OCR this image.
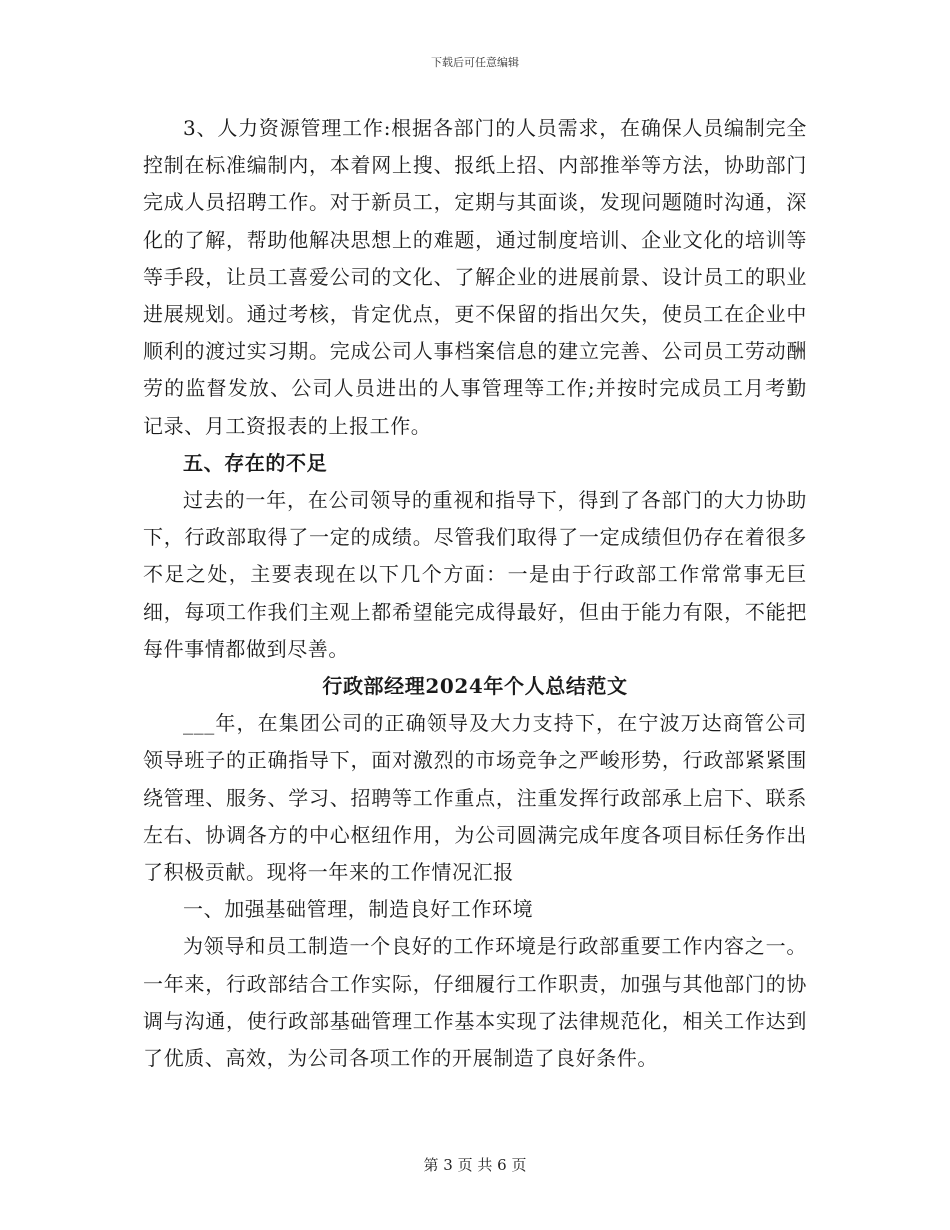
下载后可任意编辑

3、人力资源管理工作:根据各部门的人员需求，在确保人员编制完全控制在标准编制内，本着网上搜、报纸上招、内部推举等方法，协助部门完成人员招聘工作。对于新员工，定期与其面谈，发现问题随时沟通，深化的了解，帮助他解决思想上的难题，通过制度培训、企业文化的培训等等手段，让员工喜爱公司的文化、了解企业的进展前景、设计员工的职业进展规划。通过考核，肯定优点，更不保留的指出欠失，使员工在企业中顺利的渡过实习期。完成公司人事档案信息的建立完善、公司员工劳动酬劳的监督发放、公司人员进出的人事管理等工作;并按时完成员工月考勤记录、月工资报表的上报工作。

五、存在的不足

过去的一年，在公司领导的重视和指导下，得到了各部门的大力协助下，行政部取得了一定的成绩。尽管我们取得了一定成绩但仍存在着很多不足之处，主要表现在以下几个方面：一是由于行政部工作常常事无巨细，每项工作我们主观上都希望能完成得最好，但由于能力有限，不能把每件事情都做到尽善。

行政部经理2024年个人总结范文

___年，在集团公司的正确领导及大力支持下，在宁波万达商管公司领导班子的正确指导下，面对激烈的市场竞争之严峻形势，行政部紧紧围绕管理、服务、学习、招聘等工作重点，注重发挥行政部承上启下、联系左右、协调各方的中心枢纽作用，为公司圆满完成年度各项目标任务作出了积极贡献。现将一年来的工作情况汇报

一、加强基础管理，制造良好工作环境

为领导和员工制造一个良好的工作环境是行政部重要工作内容之一。一年来，行政部结合工作实际，仔细履行工作职责，加强与其他部门的协调与沟通，使行政部基础管理工作基本实现了法律规范化，相关工作达到了优质、高效，为公司各项工作的开展制造了良好条件。

第 3 页 共 6 页
